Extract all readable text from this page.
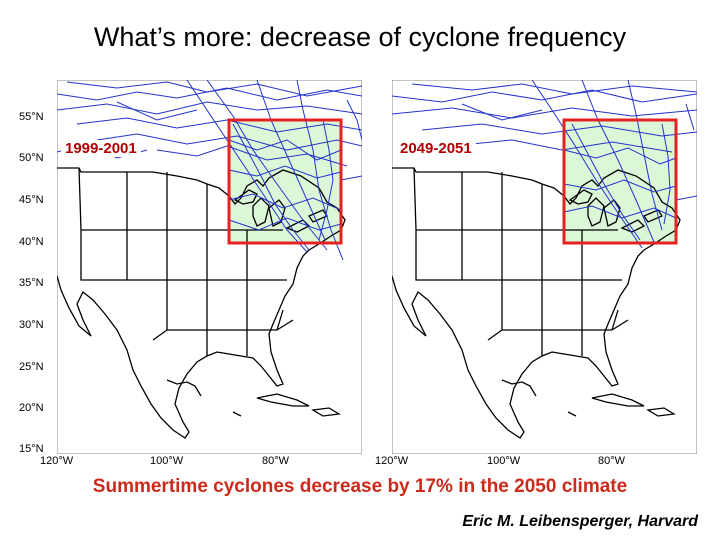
What’s more: decrease of cyclone frequency
55°N
50°N
45°N
40°N
35°N
30°N
25°N
20°N
15°N
120°W	100°W	80°W	120°W	100°W	80°W
1999-2001	2049-2051
Summertime cyclones decrease by 17% in the 2050 climate
Eric M. Leibensperger, Harvard
